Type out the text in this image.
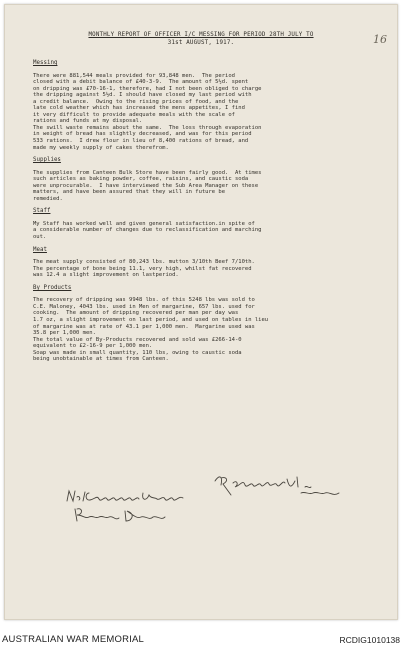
16
MONTHLY REPORT OF OFFICER I/C MESSING FOR PERIOD 28TH JULY TO
31st AUGUST, 1917.
Messing
There were 881,544 meals provided for 93,848 men.  The period
closed with a debit balance of £40-3-9.  The amount of 5½d. spent
on dripping was £70-16-1, therefore, had I not been obliged to charge
the dripping against 5½d. I should have closed my last period with
a credit balance.  Owing to the rising prices of food, and the
late cold weather which has increased the mens appetites, I find
it very difficult to provide adequate meals with the scale of
rations and funds at my disposal.
The swill waste remains about the same.  The loss through evaporation
in weight of bread has slightly decreased, and was for this period
533 rations.  I drew flour in lieu of 8,400 rations of bread, and
made my weekly supply of cakes therefrom.
Supplies
The supplies from Canteen Bulk Store have been fairly good.  At times
such articles as baking powder, coffee, raisins, and caustic soda
were unprocurable.  I have interviewed the Sub Area Manager on these
matters, and have been assured that they will in future be
remedied.
Staff
My Staff has worked well and given general satisfaction.in spite of
a considerable number of changes due to reclassification and marching
out.
Meat
The meat supply consisted of 80,243 lbs. mutton 3/10th Beef 7/10th.
The percentage of bone being 11.1, very high, whilst fat recovered
was 12.4 a slight improvement on lastperiod.
By Products
The recovery of dripping was 9948 lbs. of this 5248 lbs was sold to
C.E. Maloney, 4043 lbs. used in Men of margarine, 657 lbs. used for
cooking.  The amount of dripping recovered per man per day was
1.7 oz, a slight improvement on last period, and used on tables in lieu
of margarine was at rate of 43.1 per 1,000 men.  Margarine used was
35.8 per 1,000 men.
The total value of By-Products recovered and sold was £266-14-0
equivalent to £2-16-9 per 1,000 men.
Soap was made in small quantity, 110 lbs, owing to caustic soda
being unobtainable at times from Canteen.
AUSTRALIAN WAR MEMORIAL	RCDIG1010138
